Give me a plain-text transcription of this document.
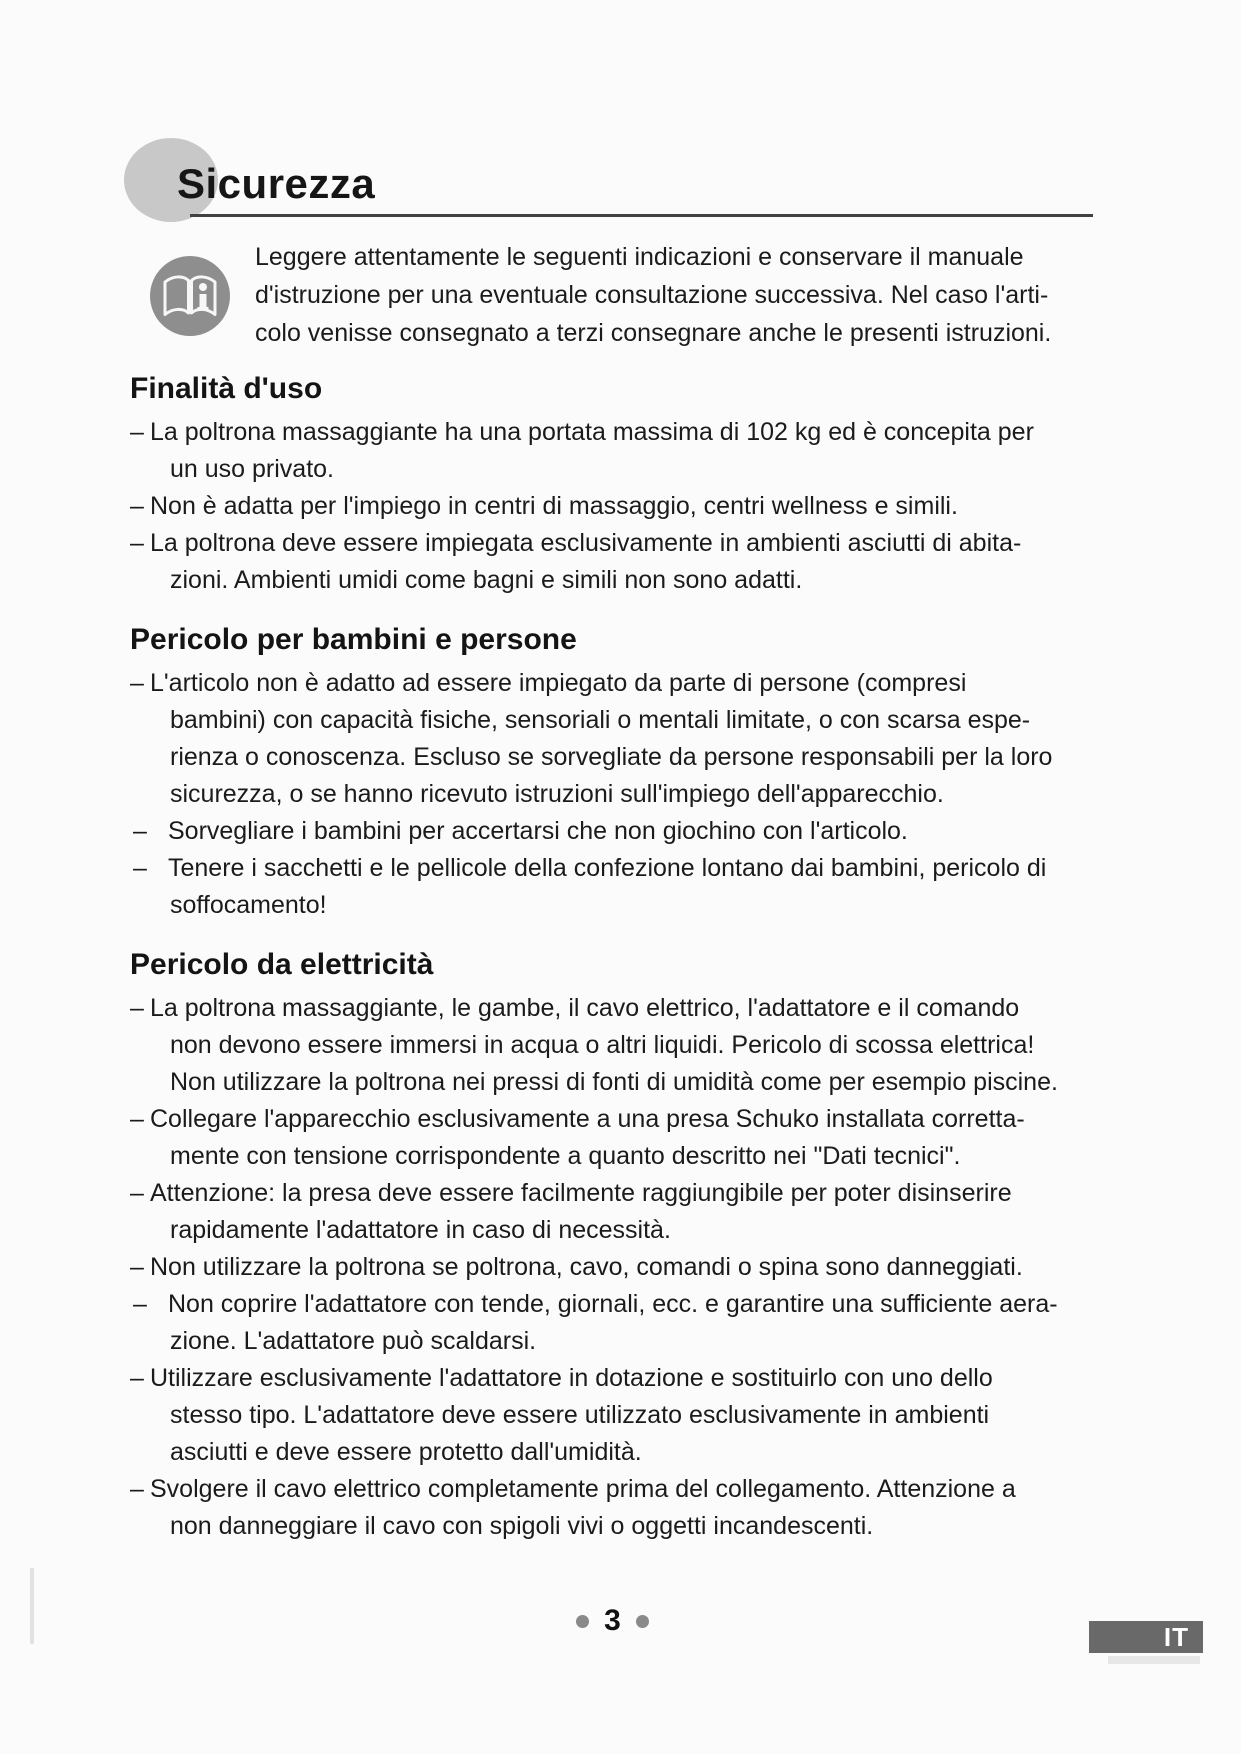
Sicurezza
Leggere attentamente le seguenti indicazioni e conservare il manuale
d'istruzione per una eventuale consultazione successiva. Nel caso l'arti-
colo venisse consegnato a terzi consegnare anche le presenti istruzioni.
Finalità d'uso
– La poltrona massaggiante ha una portata massima di 102 kg ed è concepita per
un uso privato.
– Non è adatta per l'impiego in centri di massaggio, centri wellness e simili.
– La poltrona deve essere impiegata esclusivamente in ambienti asciutti di abita-
zioni. Ambienti umidi come bagni e simili non sono adatti.
Pericolo per bambini e persone
– L'articolo non è adatto ad essere impiegato da parte di persone (compresi
bambini) con capacità fisiche, sensoriali o mentali limitate, o con scarsa espe-
rienza o conoscenza. Escluso se sorvegliate da persone responsabili per la loro
sicurezza, o se hanno ricevuto istruzioni sull'impiego dell'apparecchio.
– Sorvegliare i bambini per accertarsi che non giochino con l'articolo.
– Tenere i sacchetti e le pellicole della confezione lontano dai bambini, pericolo di
soffocamento!
Pericolo da elettricità
– La poltrona massaggiante, le gambe, il cavo elettrico, l'adattatore e il comando
non devono essere immersi in acqua o altri liquidi. Pericolo di scossa elettrica!
Non utilizzare la poltrona nei pressi di fonti di umidità come per esempio piscine.
– Collegare l'apparecchio esclusivamente a una presa Schuko installata corretta-
mente con tensione corrispondente a quanto descritto nei "Dati tecnici".
– Attenzione: la presa deve essere facilmente raggiungibile per poter disinserire
rapidamente l'adattatore in caso di necessità.
– Non utilizzare la poltrona se poltrona, cavo, comandi o spina sono danneggiati.
– Non coprire l'adattatore con tende, giornali, ecc. e garantire una sufficiente aera-
zione. L'adattatore può scaldarsi.
– Utilizzare esclusivamente l'adattatore in dotazione e sostituirlo con uno dello
stesso tipo. L'adattatore deve essere utilizzato esclusivamente in ambienti
asciutti e deve essere protetto dall'umidità.
– Svolgere il cavo elettrico completamente prima del collegamento. Attenzione a
non danneggiare il cavo con spigoli vivi o oggetti incandescenti.
3	IT
